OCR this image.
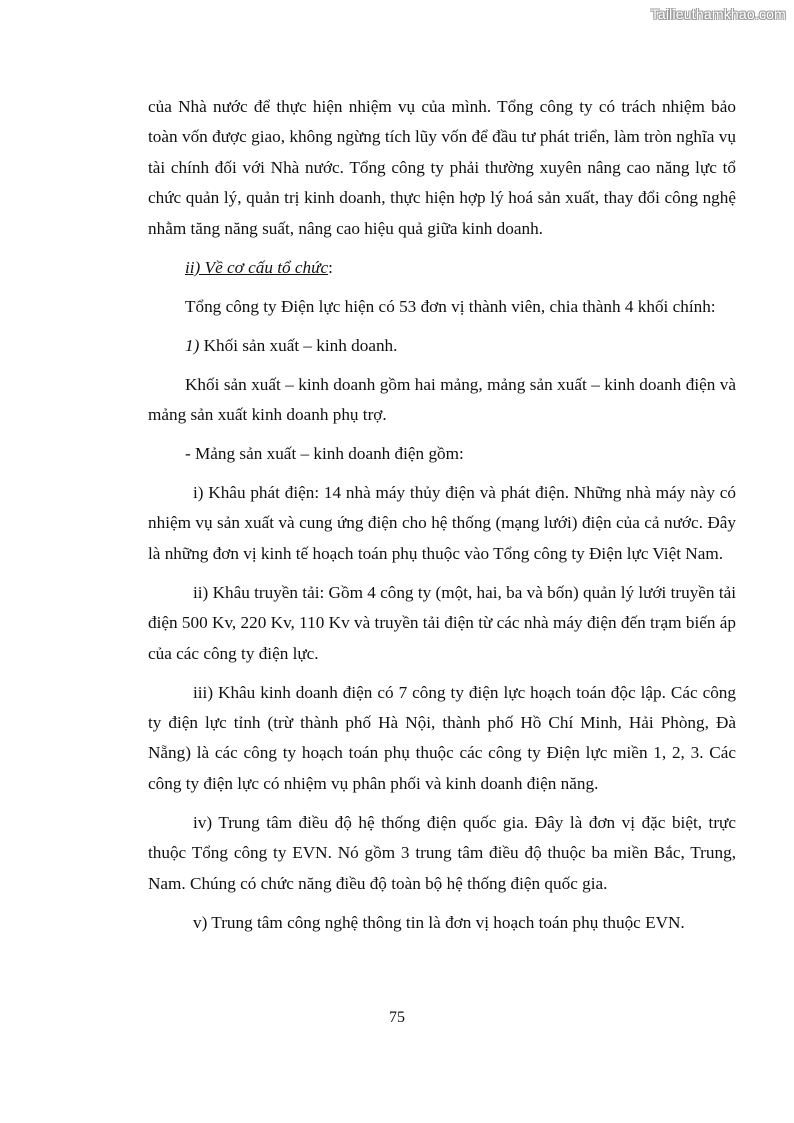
Tailieuthamkhao.com

của Nhà nước để thực hiện nhiệm vụ của mình. Tổng công ty có trách nhiệm bảo toàn vốn được giao, không ngừng tích lũy vốn để đầu tư phát triển, làm tròn nghĩa vụ tài chính đối với Nhà nước. Tổng công ty phải thường xuyên nâng cao năng lực tổ chức quản lý, quản trị kinh doanh, thực hiện hợp lý hoá sản xuất, thay đổi công nghệ nhằm tăng năng suất, nâng cao hiệu quả giữa kinh doanh.

ii) Về cơ cấu tổ chức:

Tổng công ty Điện lực hiện có 53 đơn vị thành viên, chia thành 4 khối chính:

1) Khối sản xuất – kinh doanh.

Khối sản xuất – kinh doanh gồm hai mảng, mảng sản xuất – kinh doanh điện và mảng sản xuất kinh doanh phụ trợ.

- Mảng sản xuất – kinh doanh điện gồm:

i) Khâu phát điện: 14 nhà máy thủy điện và phát điện. Những nhà máy này có nhiệm vụ sản xuất và cung ứng điện cho hệ thống (mạng lưới) điện của cả nước. Đây là những đơn vị kinh tế hoạch toán phụ thuộc vào Tổng công ty Điện lực Việt Nam.

ii) Khâu truyền tải: Gồm 4 công ty (một, hai, ba và bốn) quản lý lưới truyền tải điện 500 Kv, 220 Kv, 110 Kv và truyền tải điện từ các nhà máy điện đến trạm biến áp của các công ty điện lực.

iii) Khâu kinh doanh điện có 7 công ty điện lực hoạch toán độc lập. Các công ty điện lực tỉnh (trừ thành phố Hà Nội, thành phố Hồ Chí Minh, Hải Phòng, Đà Nẵng) là các công ty hoạch toán phụ thuộc các công ty Điện lực miền 1, 2, 3. Các công ty điện lực có nhiệm vụ phân phối và kinh doanh điện năng.

iv) Trung tâm điều độ hệ thống điện quốc gia. Đây là đơn vị đặc biệt, trực thuộc Tổng công ty EVN. Nó gồm 3 trung tâm điều độ thuộc ba miền Bắc, Trung, Nam. Chúng có chức năng điều độ toàn bộ hệ thống điện quốc gia.

v) Trung tâm công nghệ thông tin là đơn vị hoạch toán phụ thuộc EVN.

75
